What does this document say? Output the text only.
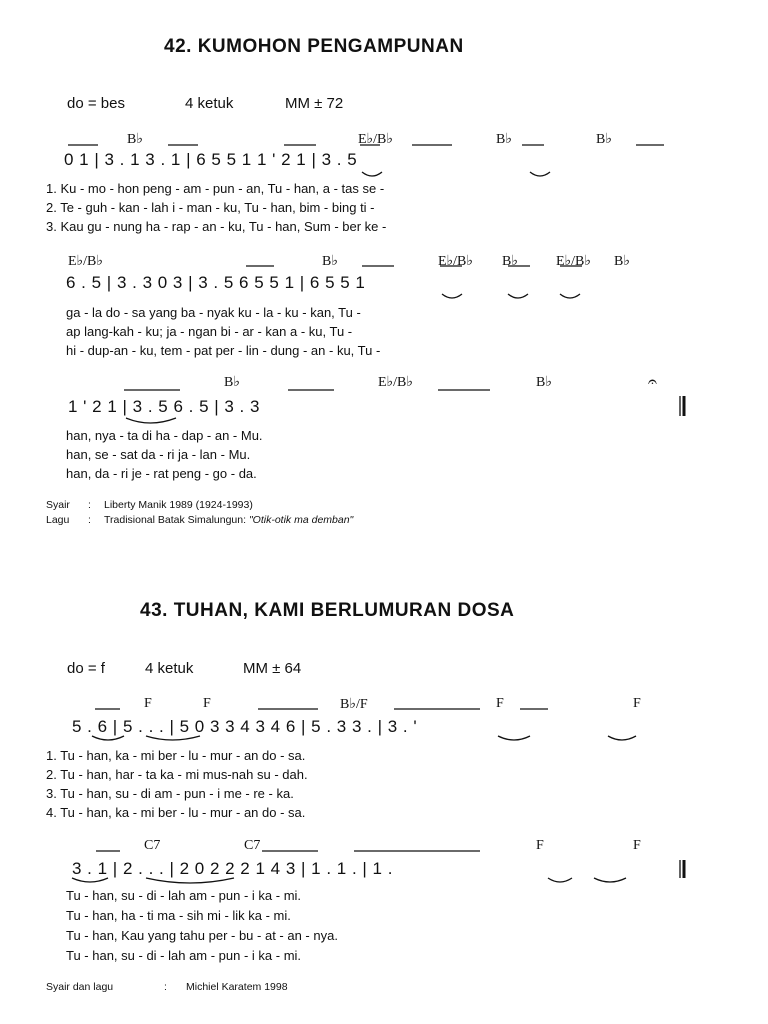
42. KUMOHON PENGAMPUNAN
do = bes	4 ketuk	MM ± 72
B♭	E♭/B♭	B♭	B♭
0 1 | 3 . 1 3 . 1 | 6 5 5 1 1 ' 2 1 | 3 . 5
1. Ku - mo - hon peng - am - pun - an, Tu - han, a - tas se -
2. Te - guh - kan - lah i - man - ku, Tu - han, bim - bing ti -
3. Kau gu - nung ha - rap - an - ku, Tu - han, Sum - ber ke -
E♭/B♭	B♭	E♭/B♭ B♭	E♭/B♭ B♭
6 . 5 | 3 . 3 0 3 | 3 . 5 6 5 5 1 | 6 5 5 1
ga - la do - sa yang ba - nyak ku - la - ku - kan, Tu -
ap lang-kah - ku; ja - ngan bi - ar - kan a - ku, Tu -
hi - dup-an - ku, tem - pat per - lin - dung - an - ku, Tu -
B♭	E♭/B♭	B♭	𝄐
1 ' 2 1 | 3 . 5 6 . 5 | 3 . 3
han, nya - ta di ha - dap - an - Mu.
han, se - sat da - ri ja - lan - Mu.
han, da - ri je - rat peng - go - da.
Syair : Liberty Manik 1989 (1924-1993)
Lagu : Tradisional Batak Simalungun: "Otik-otik ma demban"
43. TUHAN, KAMI BERLUMURAN DOSA
do = f	4 ketuk	MM ± 64
F	F	B♭/F	F	F
5 . 6 | 5 . . . | 5 0 3 3 4 3 4 6 | 5 . 3 3 . | 3 . '
1. Tu - han, ka - mi ber - lu - mur - an do - sa.
2. Tu - han, har - ta ka - mi mus-nah su - dah.
3. Tu - han, su - di am - pun - i me - re - ka.
4. Tu - han, ka - mi ber - lu - mur - an do - sa.
C7	C7	F	F
3 . 1 | 2 . . . | 2 0 2 2 2 1 4 3 | 1 . 1 . | 1 .
Tu - han, su - di - lah am - pun - i ka - mi.
Tu - han, ha - ti ma - sih mi - lik ka - mi.
Tu - han, Kau yang tahu per - bu - at - an - nya.
Tu - han, su - di - lah am - pun - i ka - mi.
Syair dan lagu	: Michiel Karatem 1998
